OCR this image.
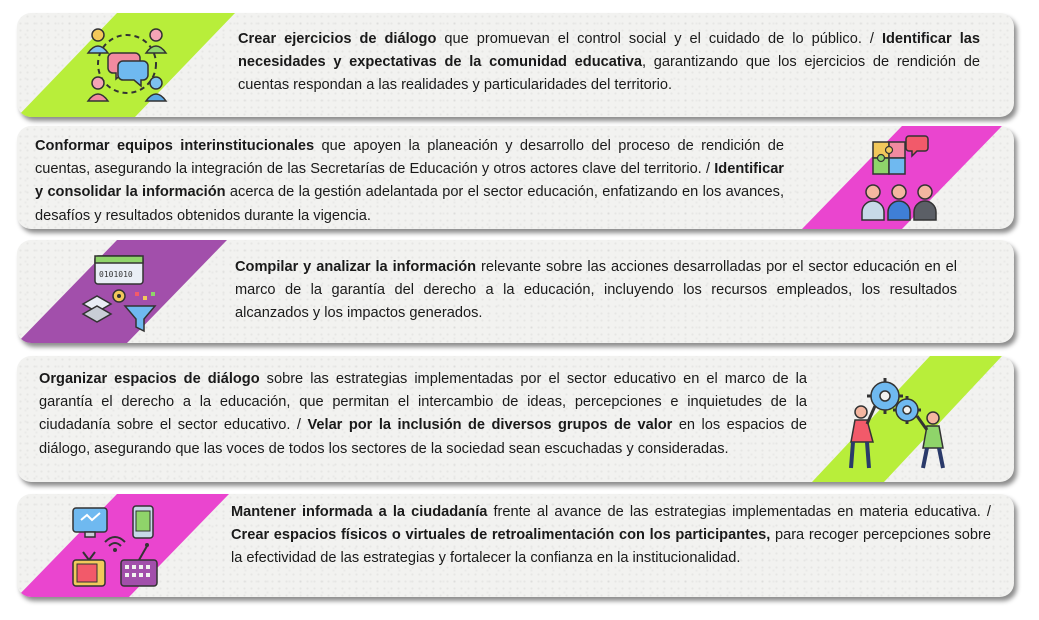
Crear ejercicios de diálogo que promuevan el control social y el cuidado de lo público. / Identificar las necesidades y expectativas de la comunidad educativa, garantizando que los ejercicios de rendición de cuentas respondan a las realidades y particularidades del territorio.
Conformar equipos interinstitucionales que apoyen la planeación y desarrollo del proceso de rendición de cuentas, asegurando la integración de las Secretarías de Educación y otros actores clave del territorio. / Identificar y consolidar la información acerca de la gestión adelantada por el sector educación, enfatizando en los avances, desafíos y resultados obtenidos durante la vigencia.
0101010	Compilar y analizar la información relevante sobre las acciones desarrolladas por el sector educación en el marco de la garantía del derecho a la educación, incluyendo los recursos empleados, los resultados alcanzados y los impactos generados.
Organizar espacios de diálogo sobre las estrategias implementadas por el sector educativo en el marco de la garantía el derecho a la educación, que permitan el intercambio de ideas, percepciones e inquietudes de la ciudadanía sobre el sector educativo. / Velar por la inclusión de diversos grupos de valor en los espacios de diálogo, asegurando que las voces de todos los sectores de la sociedad sean escuchadas y consideradas.
Mantener informada a la ciudadanía frente al avance de las estrategias implementadas en materia educativa. / Crear espacios físicos o virtuales de retroalimentación con los participantes, para recoger percepciones sobre la efectividad de las estrategias y fortalecer la confianza en la institucionalidad.
